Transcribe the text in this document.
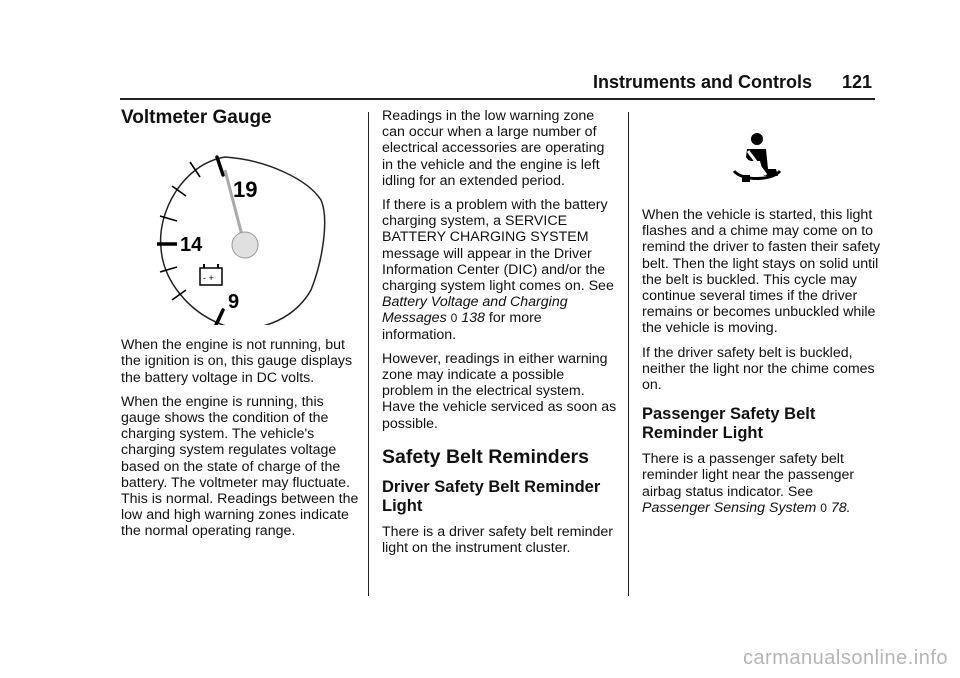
Instruments and Controls 121
Voltmeter Gauge
19
14
9
- +

When the engine is not running, but the ignition is on, this gauge displays the battery voltage in DC volts.

When the engine is running, this gauge shows the condition of the charging system. The vehicle's charging system regulates voltage based on the state of charge of the battery. The voltmeter may fluctuate. This is normal. Readings between the low and high warning zones indicate the normal operating range.

Readings in the low warning zone can occur when a large number of electrical accessories are operating in the vehicle and the engine is left idling for an extended period.

If there is a problem with the battery charging system, a SERVICE BATTERY CHARGING SYSTEM message will appear in the Driver Information Center (DIC) and/or the charging system light comes on. See Battery Voltage and Charging Messages 0 138 for more information.

However, readings in either warning zone may indicate a possible problem in the electrical system. Have the vehicle serviced as soon as possible.

Safety Belt Reminders
Driver Safety Belt Reminder Light

There is a driver safety belt reminder light on the instrument cluster.

When the vehicle is started, this light flashes and a chime may come on to remind the driver to fasten their safety belt. Then the light stays on solid until the belt is buckled. This cycle may continue several times if the driver remains or becomes unbuckled while the vehicle is moving.

If the driver safety belt is buckled, neither the light nor the chime comes on.

Passenger Safety Belt Reminder Light

There is a passenger safety belt reminder light near the passenger airbag status indicator. See Passenger Sensing System 0 78.

carmanualsonline.info
